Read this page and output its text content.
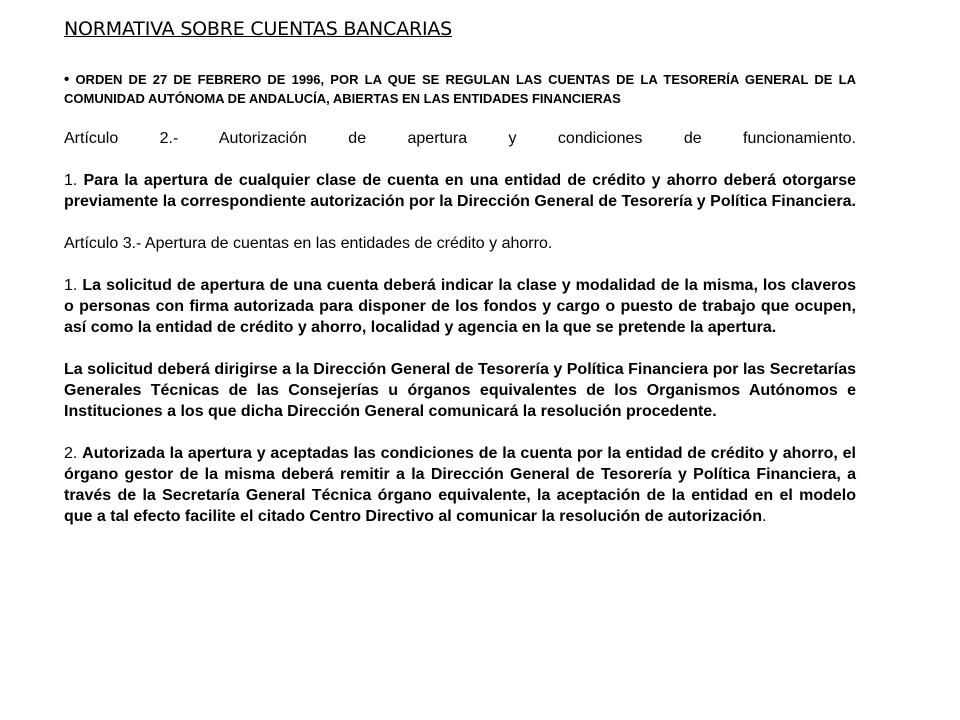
NORMATIVA SOBRE CUENTAS BANCARIAS
• ORDEN DE 27 DE FEBRERO DE 1996, POR LA QUE SE REGULAN LAS CUENTAS DE LA TESORERÍA GENERAL DE LA COMUNIDAD AUTÓNOMA DE ANDALUCÍA, ABIERTAS EN LAS ENTIDADES FINANCIERAS

Artículo 2.- Autorización de apertura y condiciones de funcionamiento.

1. Para la apertura de cualquier clase de cuenta en una entidad de crédito y ahorro deberá otorgarse previamente la correspondiente autorización por la Dirección General de Tesorería y Política Financiera.

Artículo 3.- Apertura de cuentas en las entidades de crédito y ahorro.

1. La solicitud de apertura de una cuenta deberá indicar la clase y modalidad de la misma, los claveros o personas con firma autorizada para disponer de los fondos y cargo o puesto de trabajo que ocupen, así como la entidad de crédito y ahorro, localidad y agencia en la que se pretende la apertura.

La solicitud deberá dirigirse a la Dirección General de Tesorería y Política Financiera por las Secretarías Generales Técnicas de las Consejerías u órganos equivalentes de los Organismos Autónomos e Instituciones a los que dicha Dirección General comunicará la resolución procedente.

2. Autorizada la apertura y aceptadas las condiciones de la cuenta por la entidad de crédito y ahorro, el órgano gestor de la misma deberá remitir a la Dirección General de Tesorería y Política Financiera, a través de la Secretaría General Técnica órgano equivalente, la aceptación de la entidad en el modelo que a tal efecto facilite el citado Centro Directivo al comunicar la resolución de autorización.
